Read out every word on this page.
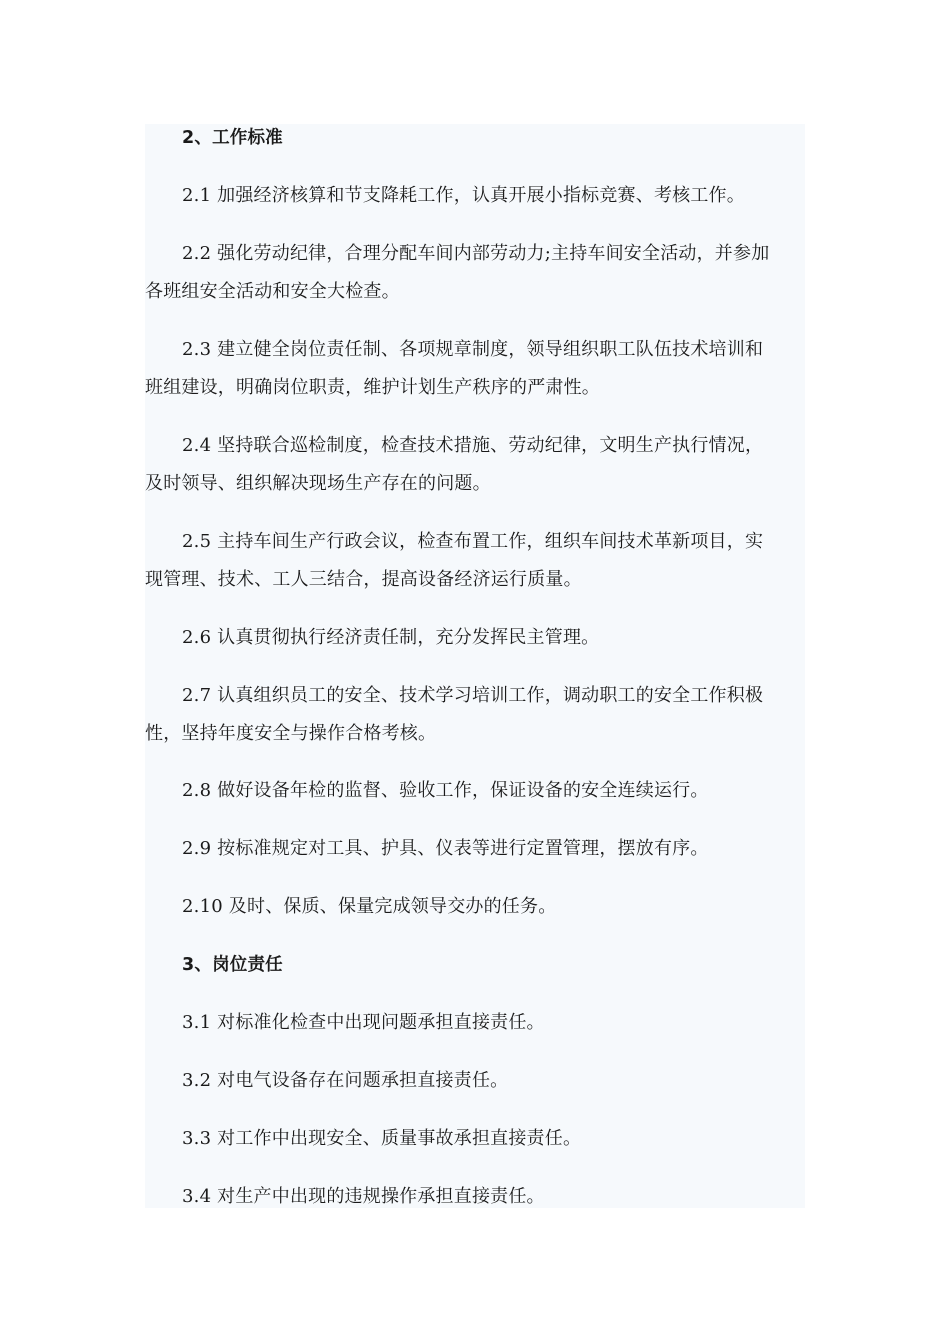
2、工作标准

2.1 加强经济核算和节支降耗工作，认真开展小指标竞赛、考核工作。

2.2 强化劳动纪律，合理分配车间内部劳动力;主持车间安全活动，并参加
各班组安全活动和安全大检查。

2.3 建立健全岗位责任制、各项规章制度，领导组织职工队伍技术培训和
班组建设，明确岗位职责，维护计划生产秩序的严肃性。

2.4 坚持联合巡检制度，检查技术措施、劳动纪律，文明生产执行情况，
及时领导、组织解决现场生产存在的问题。

2.5 主持车间生产行政会议，检查布置工作，组织车间技术革新项目，实
现管理、技术、工人三结合，提高设备经济运行质量。

2.6 认真贯彻执行经济责任制，充分发挥民主管理。

2.7 认真组织员工的安全、技术学习培训工作，调动职工的安全工作积极
性，坚持年度安全与操作合格考核。

2.8 做好设备年检的监督、验收工作，保证设备的安全连续运行。

2.9 按标准规定对工具、护具、仪表等进行定置管理，摆放有序。

2.10 及时、保质、保量完成领导交办的任务。

3、岗位责任

3.1 对标准化检查中出现问题承担直接责任。

3.2 对电气设备存在问题承担直接责任。

3.3 对工作中出现安全、质量事故承担直接责任。

3.4 对生产中出现的违规操作承担直接责任。
